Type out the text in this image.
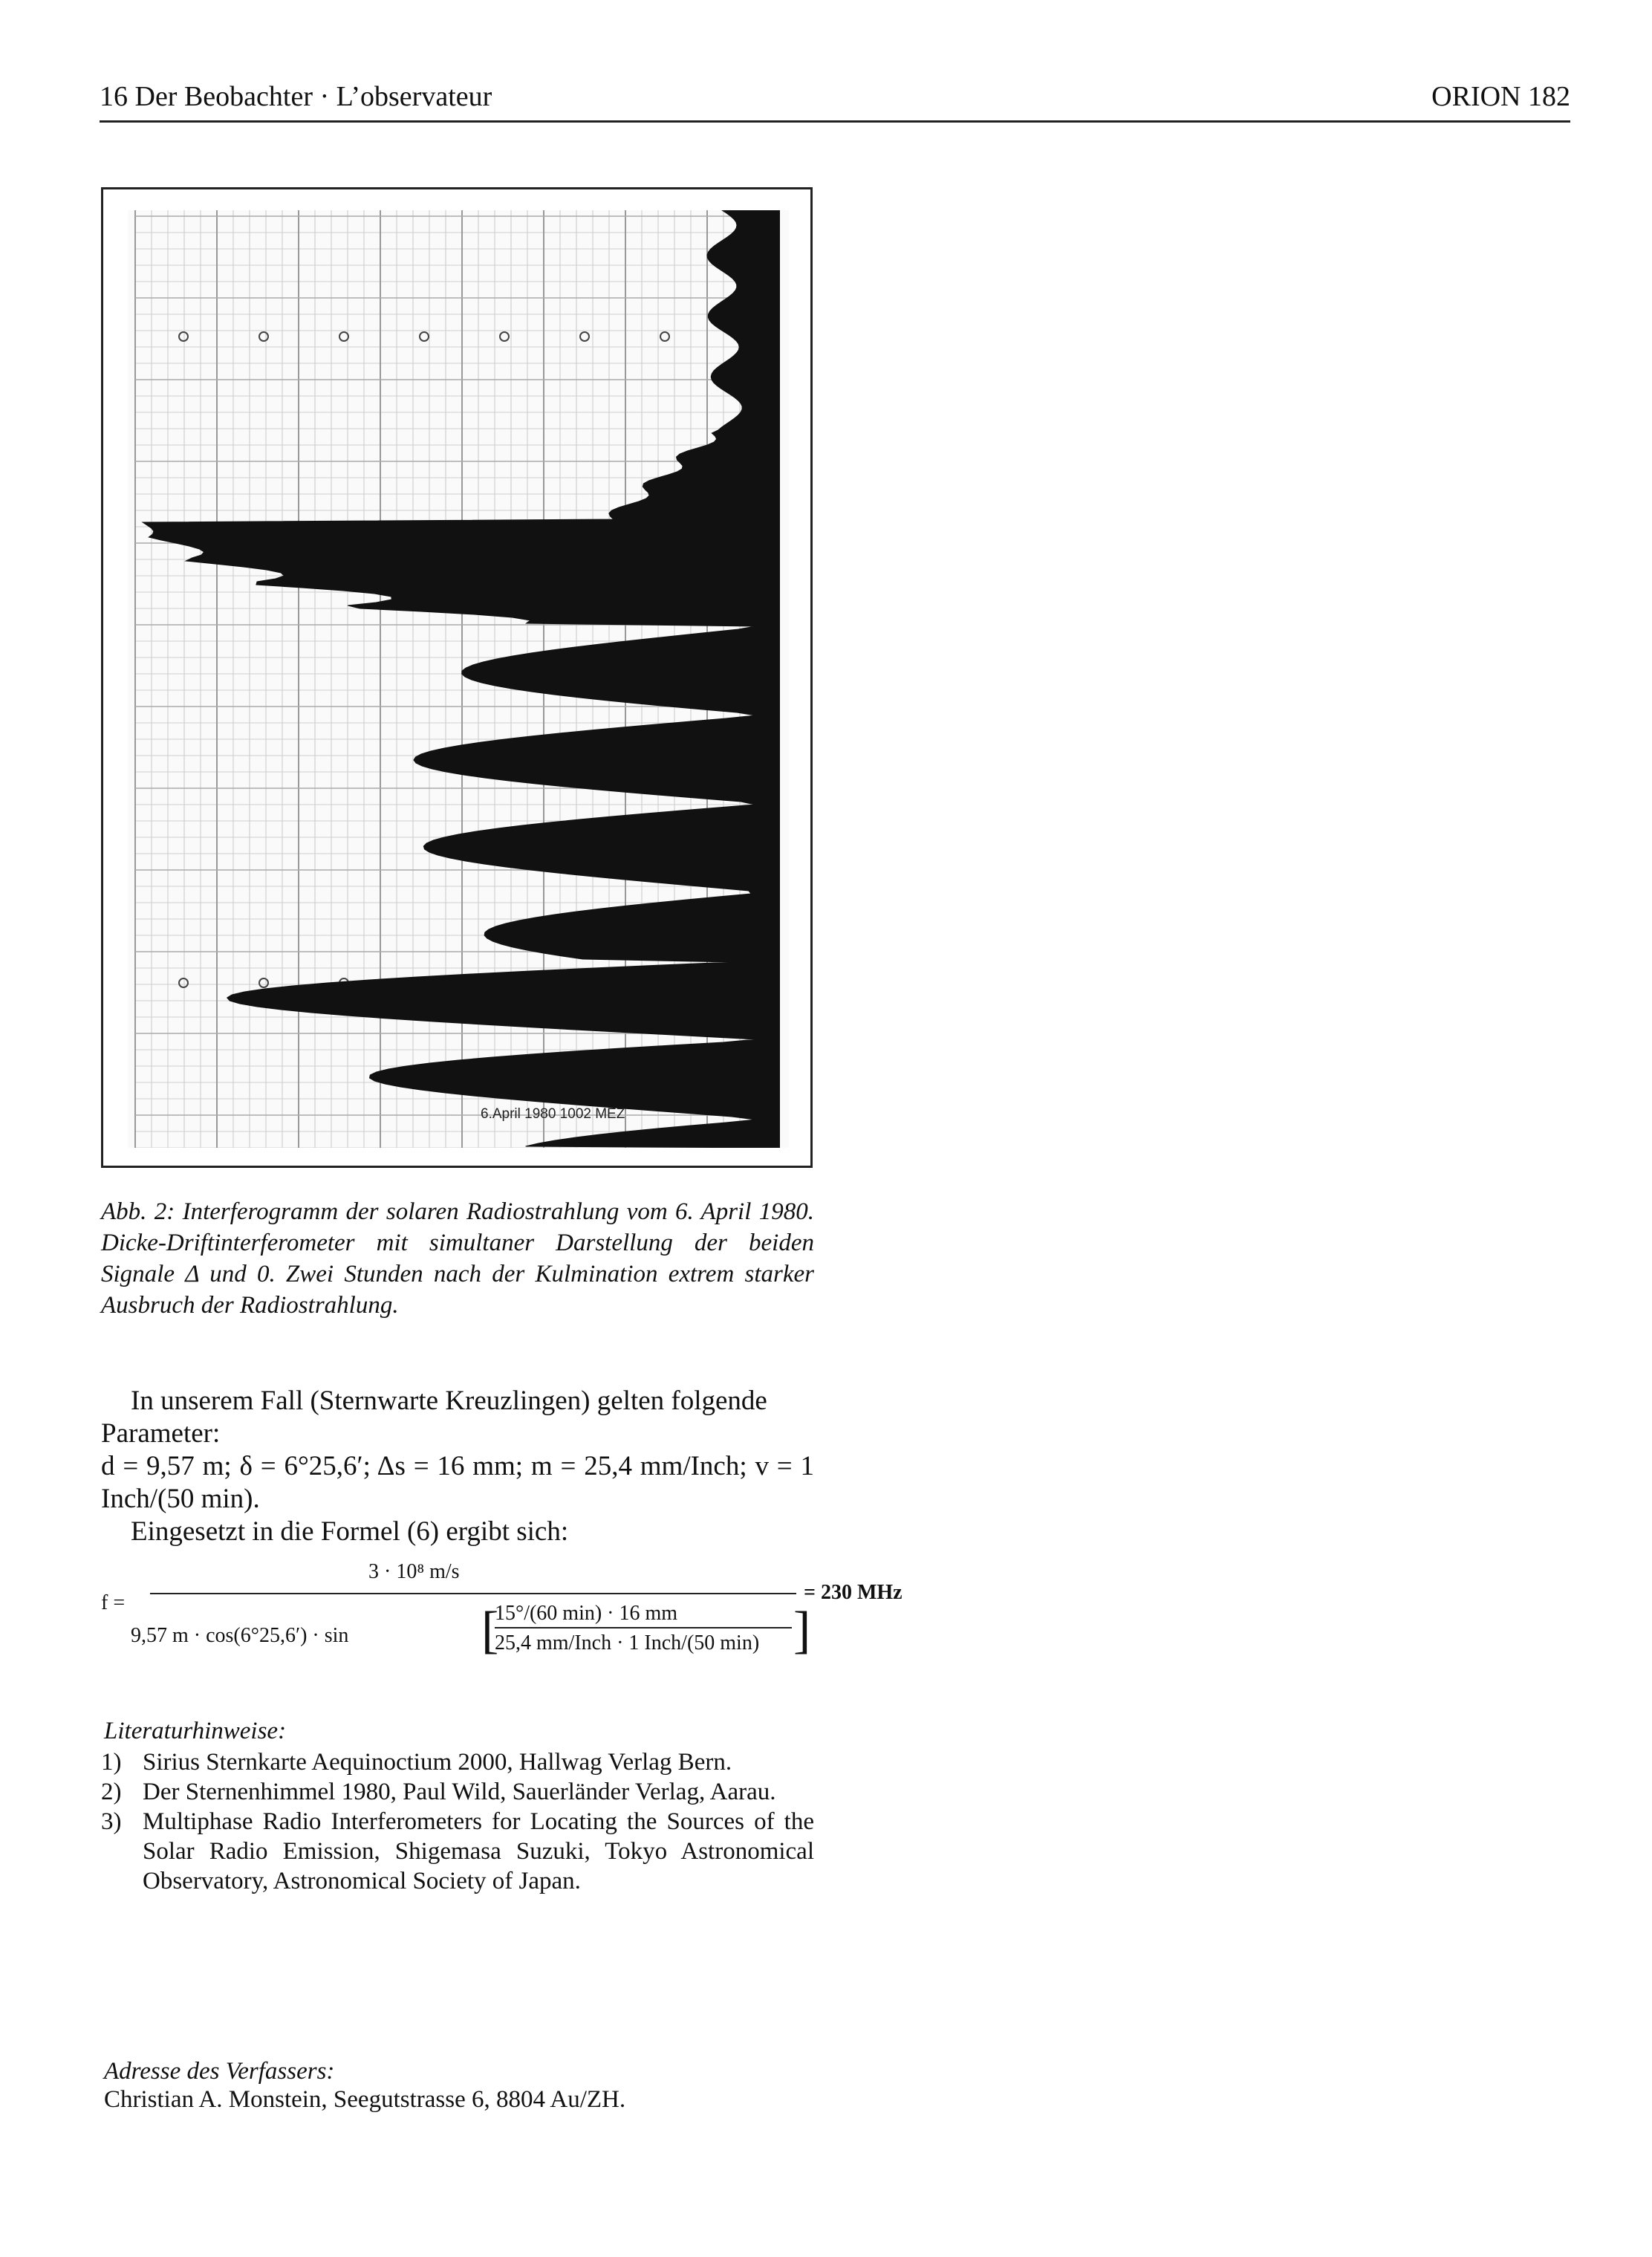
16 Der Beobachter · L’observateur	ORION 182
6.April 1980 1002 MEZ
Abb. 2: Interferogramm der solaren Radiostrahlung vom 6. April 1980. Dicke-Driftinterferometer mit simultaner Darstellung der beiden Signale Δ und 0. Zwei Stunden nach der Kulmination extrem starker Ausbruch der Radiostrahlung.
In unserem Fall (Sternwarte Kreuzlingen) gelten folgende Parameter:
d = 9,57 m; δ = 6°25,6′; Δs = 16 mm; m = 25,4 mm/Inch; v = 1 Inch/(50 min).
Eingesetzt in die Formel (6) ergibt sich:
f =
3 · 10⁸ m/s
= 230 MHz
9,57 m · cos(6°25,6′) · sin
15°/(60 min) · 16 mm
25,4 mm/Inch · 1 Inch/(50 min)
[	]
Literaturhinweise:
1) Sirius Sternkarte Aequinoctium 2000, Hallwag Verlag Bern.
2) Der Sternenhimmel 1980, Paul Wild, Sauerländer Verlag, Aarau.
3) Multiphase Radio Interferometers for Locating the Sources of the Solar Radio Emission, Shigemasa Suzuki, Tokyo Astronomical Observatory, Astronomical Society of Japan.
Adresse des Verfassers:
Christian A. Monstein, Seegutstrasse 6, 8804 Au/ZH.
